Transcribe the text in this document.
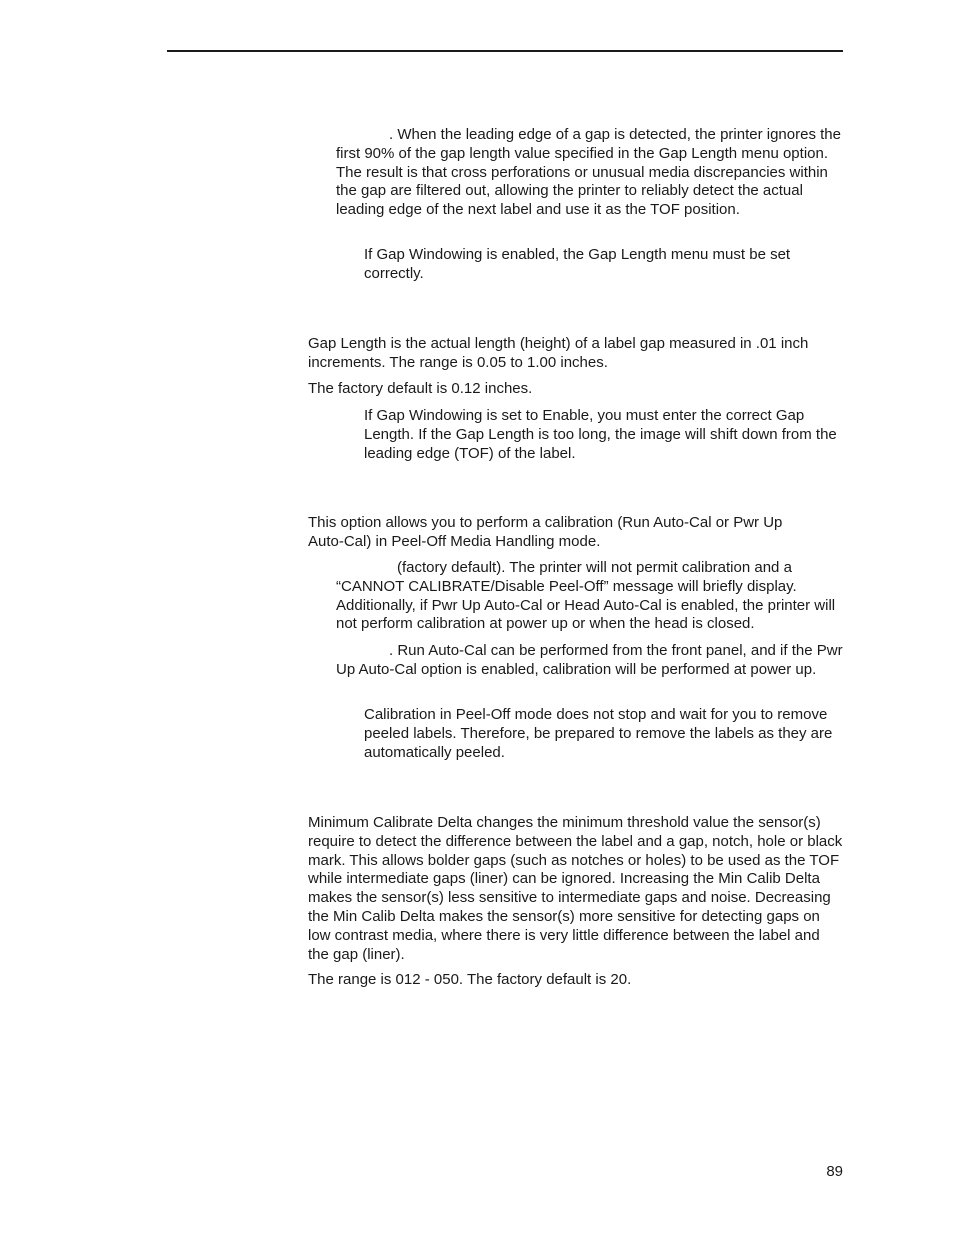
. When the leading edge of a gap is detected, the printer ignores the first 90% of the gap length value specified in the Gap Length menu option. The result is that cross perforations or unusual media discrepancies within the gap are filtered out, allowing the printer to reliably detect the actual leading edge of the next label and use it as the TOF position.

If Gap Windowing is enabled, the Gap Length menu must be set correctly.

Gap Length is the actual length (height) of a label gap measured in .01 inch increments. The range is 0.05 to 1.00 inches.

The factory default is 0.12 inches.

If Gap Windowing is set to Enable, you must enter the correct Gap Length. If the Gap Length is too long, the image will shift down from the leading edge (TOF) of the label.

This option allows you to perform a calibration (Run Auto-Cal or Pwr Up Auto-Cal) in Peel-Off Media Handling mode.

(factory default). The printer will not permit calibration and a “CANNOT CALIBRATE/Disable Peel-Off” message will briefly display. Additionally, if Pwr Up Auto-Cal or Head Auto-Cal is enabled, the printer will not perform calibration at power up or when the head is closed.

. Run Auto-Cal can be performed from the front panel, and if the Pwr Up Auto-Cal option is enabled, calibration will be performed at power up.

Calibration in Peel-Off mode does not stop and wait for you to remove peeled labels. Therefore, be prepared to remove the labels as they are automatically peeled.

Minimum Calibrate Delta changes the minimum threshold value the sensor(s) require to detect the difference between the label and a gap, notch, hole or black mark. This allows bolder gaps (such as notches or holes) to be used as the TOF while intermediate gaps (liner) can be ignored. Increasing the Min Calib Delta makes the sensor(s) less sensitive to intermediate gaps and noise. Decreasing the Min Calib Delta makes the sensor(s) more sensitive for detecting gaps on low contrast media, where there is very little difference between the label and the gap (liner).

The range is 012 - 050. The factory default is 20.

89
